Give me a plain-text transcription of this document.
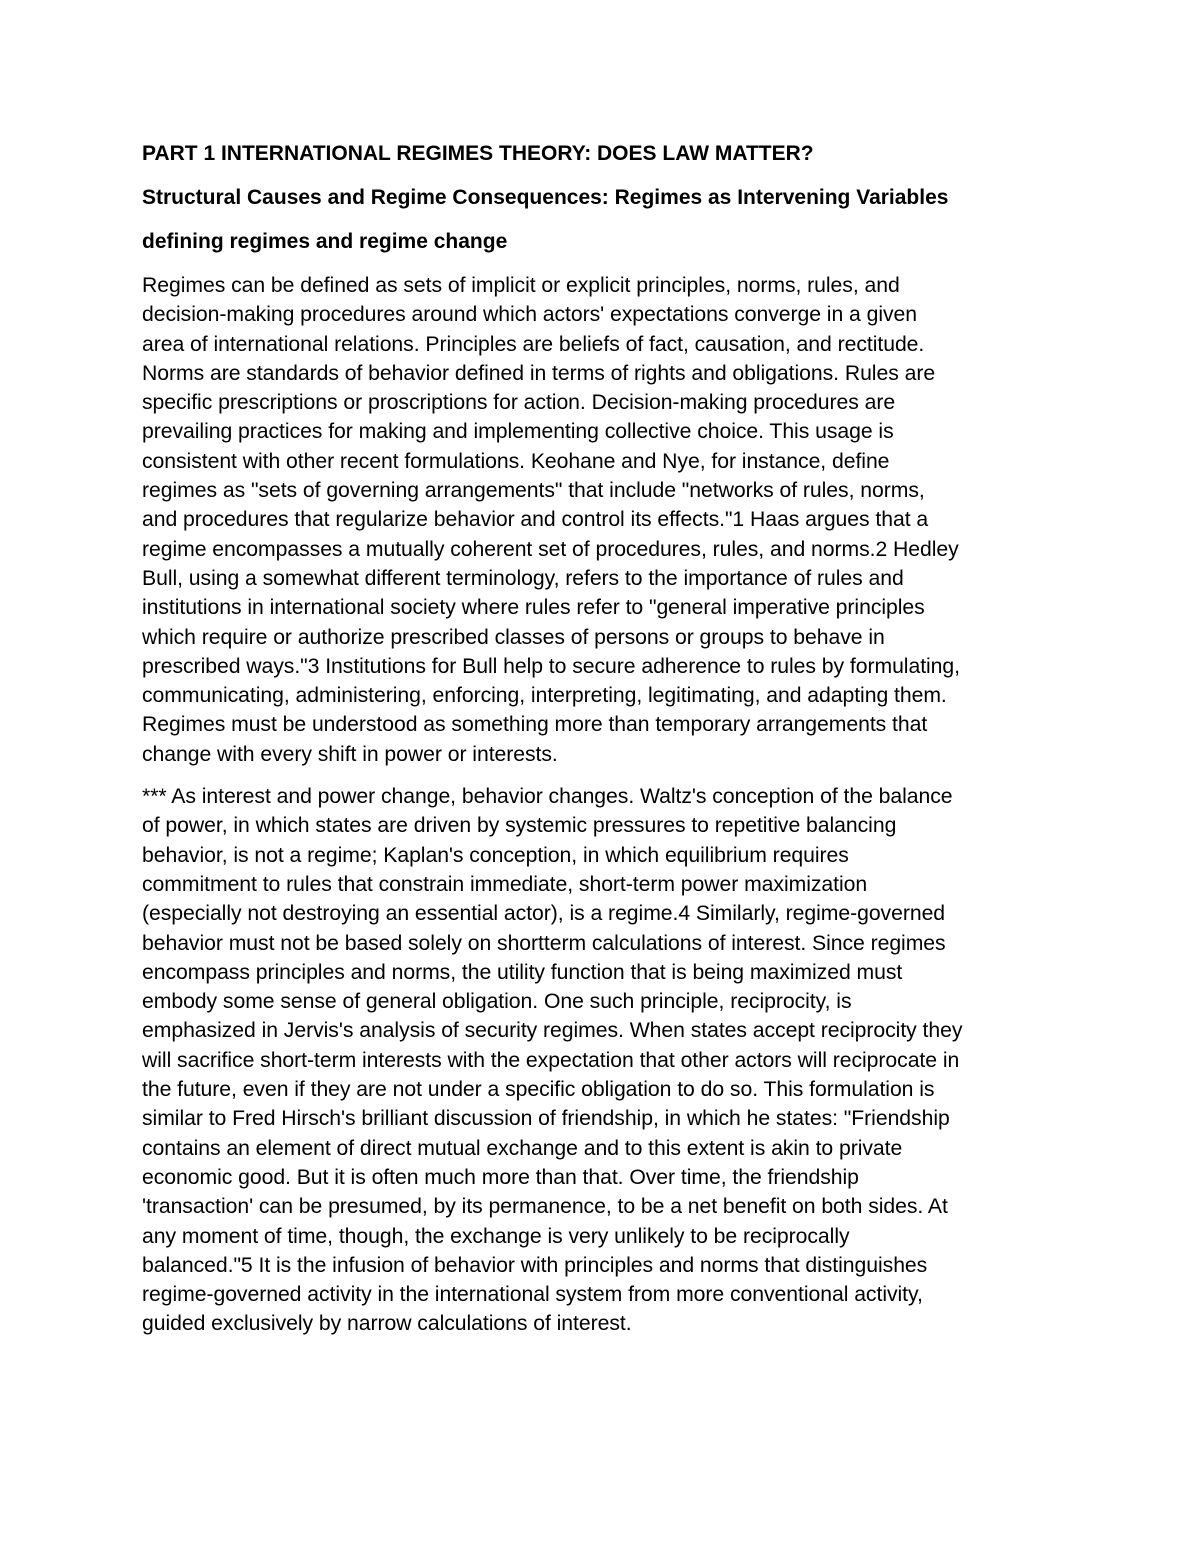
PART 1 INTERNATIONAL REGIMES THEORY: DOES LAW MATTER?
Structural Causes and Regime Consequences: Regimes as Intervening Variables
defining regimes and regime change

Regimes can be defined as sets of implicit or explicit principles, norms, rules, and
decision-making procedures around which actors' expectations converge in a given
area of international relations. Principles are beliefs of fact, causation, and rectitude.
Norms are standards of behavior defined in terms of rights and obligations. Rules are
specific prescriptions or proscriptions for action. Decision-making procedures are
prevailing practices for making and implementing collective choice. This usage is
consistent with other recent formulations. Keohane and Nye, for instance, define
regimes as "sets of governing arrangements" that include "networks of rules, norms,
and procedures that regularize behavior and control its effects."1 Haas argues that a
regime encompasses a mutually coherent set of procedures, rules, and norms.2 Hedley
Bull, using a somewhat different terminology, refers to the importance of rules and
institutions in international society where rules refer to "general imperative principles
which require or authorize prescribed classes of persons or groups to behave in
prescribed ways."3 Institutions for Bull help to secure adherence to rules by formulating,
communicating, administering, enforcing, interpreting, legitimating, and adapting them.
Regimes must be understood as something more than temporary arrangements that
change with every shift in power or interests.

*** As interest and power change, behavior changes. Waltz's conception of the balance
of power, in which states are driven by systemic pressures to repetitive balancing
behavior, is not a regime; Kaplan's conception, in which equilibrium requires
commitment to rules that constrain immediate, short-term power maximization
(especially not destroying an essential actor), is a regime.4 Similarly, regime-governed
behavior must not be based solely on shortterm calculations of interest. Since regimes
encompass principles and norms, the utility function that is being maximized must
embody some sense of general obligation. One such principle, reciprocity, is
emphasized in Jervis's analysis of security regimes. When states accept reciprocity they
will sacrifice short-term interests with the expectation that other actors will reciprocate in
the future, even if they are not under a specific obligation to do so. This formulation is
similar to Fred Hirsch's brilliant discussion of friendship, in which he states: "Friendship
contains an element of direct mutual exchange and to this extent is akin to private
economic good. But it is often much more than that. Over time, the friendship
'transaction' can be presumed, by its permanence, to be a net benefit on both sides. At
any moment of time, though, the exchange is very unlikely to be reciprocally
balanced."5 It is the infusion of behavior with principles and norms that distinguishes
regime-governed activity in the international system from more conventional activity,
guided exclusively by narrow calculations of interest.
